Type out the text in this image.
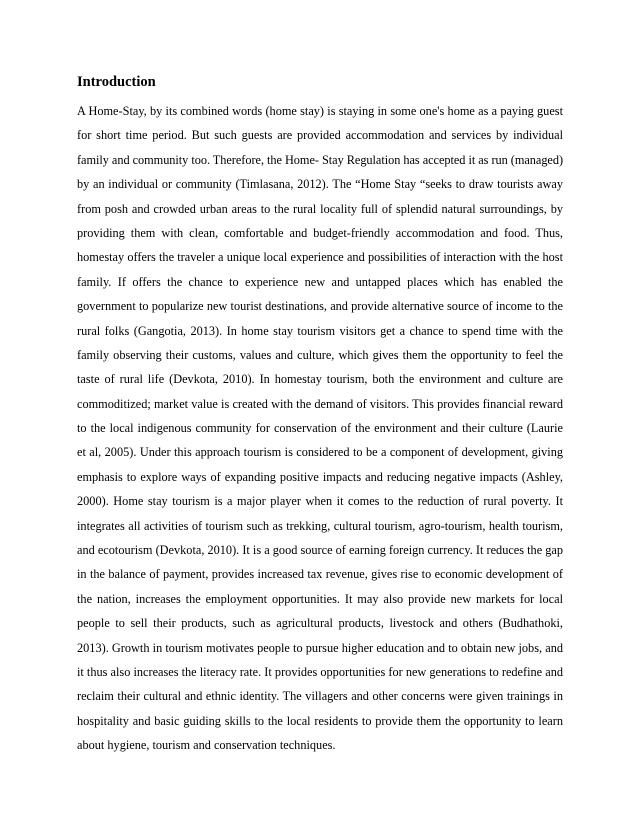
Introduction
A Home-Stay, by its combined words (home stay) is staying in some one's home as a paying guest
for short time period. But such guests are provided accommodation and services by individual
family and community too. Therefore, the Home- Stay Regulation has accepted it as run (managed)
by an individual or community (Timlasana, 2012). The “Home Stay “seeks to draw tourists away
from posh and crowded urban areas to the rural locality full of splendid natural surroundings, by
providing them with clean, comfortable and budget-friendly accommodation and food. Thus,
homestay offers the traveler a unique local experience and possibilities of interaction with the host
family. If offers the chance to experience new and untapped places which has enabled the
government to popularize new tourist destinations, and provide alternative source of income to the
rural folks (Gangotia, 2013). In home stay tourism visitors get a chance to spend time with the
family observing their customs, values and culture, which gives them the opportunity to feel the
taste of rural life (Devkota, 2010). In homestay tourism, both the environment and culture are
commoditized; market value is created with the demand of visitors. This provides financial reward
to the local indigenous community for conservation of the environment and their culture (Laurie
et al, 2005). Under this approach tourism is considered to be a component of development, giving
emphasis to explore ways of expanding positive impacts and reducing negative impacts (Ashley,
2000). Home stay tourism is a major player when it comes to the reduction of rural poverty. It
integrates all activities of tourism such as trekking, cultural tourism, agro-tourism, health tourism,
and ecotourism (Devkota, 2010). It is a good source of earning foreign currency. It reduces the gap
in the balance of payment, provides increased tax revenue, gives rise to economic development of
the nation, increases the employment opportunities. It may also provide new markets for local
people to sell their products, such as agricultural products, livestock and others (Budhathoki,
2013). Growth in tourism motivates people to pursue higher education and to obtain new jobs, and
it thus also increases the literacy rate. It provides opportunities for new generations to redefine and
reclaim their cultural and ethnic identity. The villagers and other concerns were given trainings in
hospitality and basic guiding skills to the local residents to provide them the opportunity to learn
about hygiene, tourism and conservation techniques.
